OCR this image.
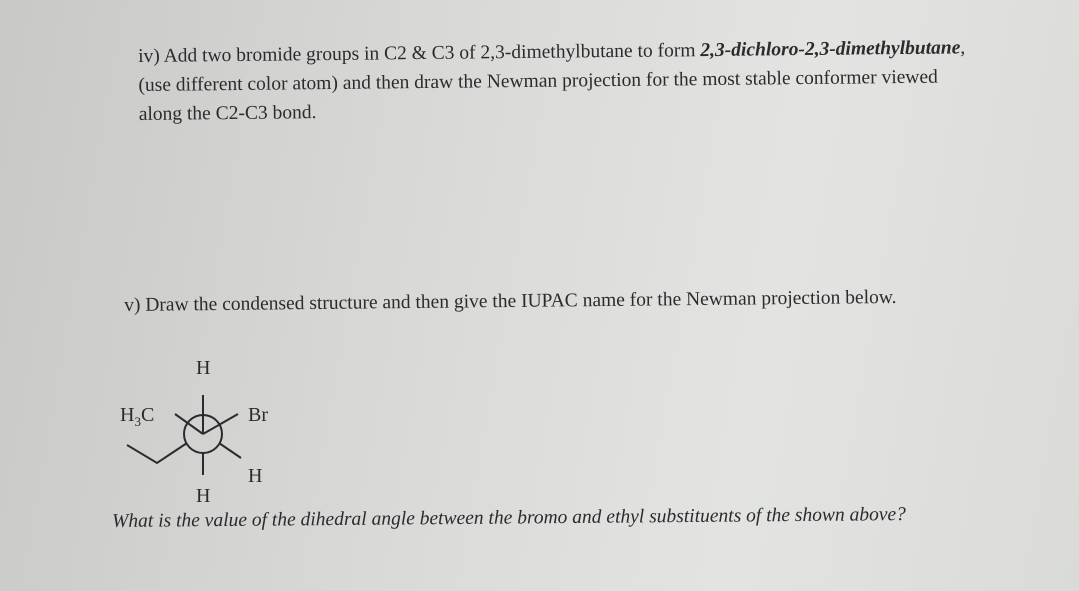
iv) Add two bromide groups in C2 & C3 of 2,3-dimethylbutane to form 2,3-dichloro-2,3-dimethylbutane, (use different color atom) and then draw the Newman projection for the most stable conformer viewed along the C2-C3 bond.

v) Draw the condensed structure and then give the IUPAC name for the Newman projection below.

H
$H_3C$	Br
H
H

What is the value of the dihedral angle between the bromo and ethyl substituents of the shown above?
